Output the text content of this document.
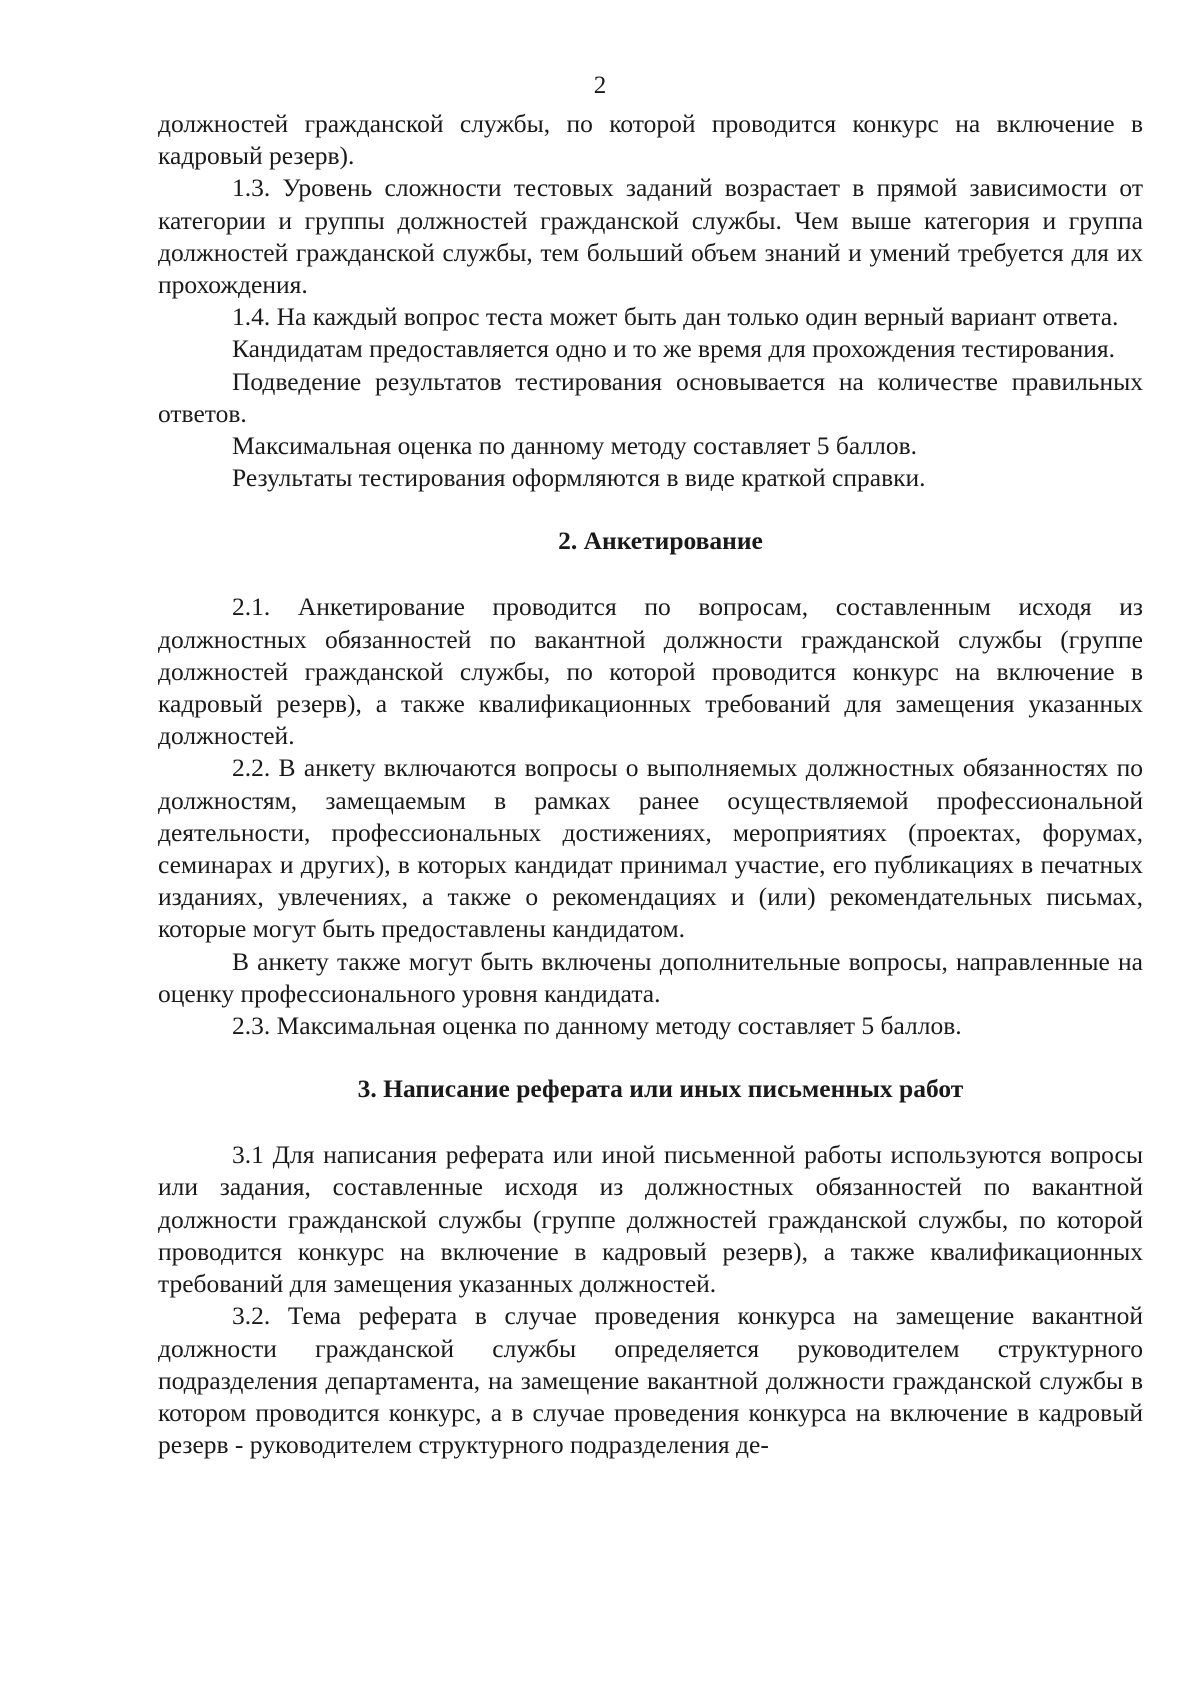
2

должностей гражданской службы, по которой проводится конкурс на включение в кадровый резерв).

1.3. Уровень сложности тестовых заданий возрастает в прямой зависимости от категории и группы должностей гражданской службы. Чем выше категория и группа должностей гражданской службы, тем больший объем знаний и умений требуется для их прохождения.

1.4. На каждый вопрос теста может быть дан только один верный вариант ответа.

Кандидатам предоставляется одно и то же время для прохождения тестирования.

Подведение результатов тестирования основывается на количестве правильных ответов.

Максимальная оценка по данному методу составляет 5 баллов.

Результаты тестирования оформляются в виде краткой справки.

2. Анкетирование

2.1. Анкетирование проводится по вопросам, составленным исходя из должностных обязанностей по вакантной должности гражданской службы (группе должностей гражданской службы, по которой проводится конкурс на включение в кадровый резерв), а также квалификационных требований для замещения указанных должностей.

2.2. В анкету включаются вопросы о выполняемых должностных обязанностях по должностям, замещаемым в рамках ранее осуществляемой профессиональной деятельности, профессиональных достижениях, мероприятиях (проектах, форумах, семинарах и других), в которых кандидат принимал участие, его публикациях в печатных изданиях, увлечениях, а также о рекомендациях и (или) рекомендательных письмах, которые могут быть предоставлены кандидатом.

В анкету также могут быть включены дополнительные вопросы, направленные на оценку профессионального уровня кандидата.

2.3. Максимальная оценка по данному методу составляет 5 баллов.

3. Написание реферата или иных письменных работ

3.1 Для написания реферата или иной письменной работы используются вопросы или задания, составленные исходя из должностных обязанностей по вакантной должности гражданской службы (группе должностей гражданской службы, по которой проводится конкурс на включение в кадровый резерв), а также квалификационных требований для замещения указанных должностей.

3.2. Тема реферата в случае проведения конкурса на замещение вакантной должности гражданской службы определяется руководителем структурного подразделения департамента, на замещение вакантной должности гражданской службы в котором проводится конкурс, а в случае проведения конкурса на включение в кадровый резерв - руководителем структурного подразделения де-
